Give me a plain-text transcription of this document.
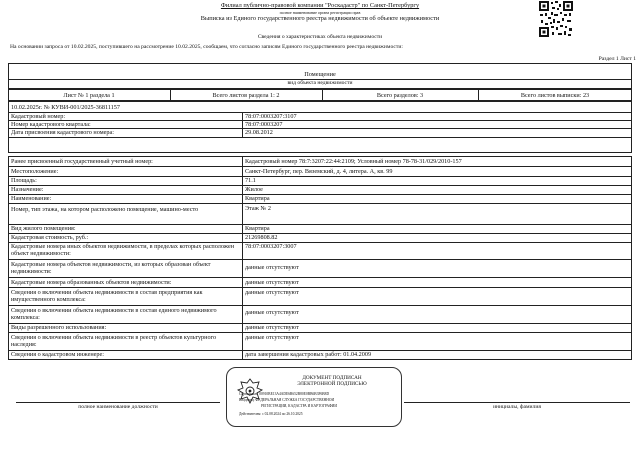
Филиал публично-правовой компании "Роскадастр" по Санкт-Петербургу
полное наименование органа регистрации прав
Выписка из Единого государственного реестра недвижимости об объекте недвижимости
Сведения о характеристиках объекта недвижимости
На основании запроса от 10.02.2025, поступившего на рассмотрение 10.02.2025, сообщаем, что согласно записям Единого государственного реестра недвижимости:
Раздел 1 Лист 1
Помещение
вид объекта недвижимости
Лист № 1 раздела 1	Всего листов раздела 1: 2	Всего разделов: 3	Всего листов выписки: 23
10.02.2025г. № КУВИ-001/2025-36811157
Кадастровый номер:	78:07:0003207:3107
Номер кадастрового квартала:	78:07:0003207
Дата присвоения кадастрового номера:	29.08.2012
Ранее присвоенный государственный учетный номер:	Кадастровый номер 78:7:3207:22:44:2109; Условный номер 78-78-31/029/2010-157
Местоположение:	Санкт-Петербург, пер. Вяземский, д. 4, литера. А, кв. 99
Площадь:	71.1
Назначение:	Жилое
Наименование:	Квартира
Номер, тип этажа, на котором расположено помещение, машино-место	Этаж № 2
Вид жилого помещения:	Квартира
Кадастровая стоимость, руб.:	21269808.82
Кадастровые номера иных объектов недвижимости, в пределах которых расположен объект недвижимости:
78:07:0003207:3007
Кадастровые номера объектов недвижимости, из которых образован объект недвижимости:
данные отсутствуют
Кадастровые номера образованных объектов недвижимости:	данные отсутствуют
Сведения о включении объекта недвижимости в состав предприятия как имущественного комплекса:
данные отсутствуют
Сведения о включении объекта недвижимости в состав единого недвижимого комплекса:
данные отсутствуют
Виды разрешенного использования:	данные отсутствуют
Сведения о включении объекта недвижимости в реестр объектов культурного наследия:
данные отсутствуют
Сведения о кадастровом инженере:	дата завершения кадастровых работ: 01.04.2009
ДОКУМЕНТ ПОДПИСАН
ЭЛЕКТРОННОЙ ПОДПИСЬЮ
Сертификат: 00910BE13A4ADE6B652B80E0BB6B3F6B8D
Владелец: ФЕДЕРАЛЬНАЯ СЛУЖБА ГОСУДАРСТВЕННОЙ
РЕГИСТРАЦИИ, КАДАСТРА И КАРТОГРАФИИ
Действителен: с 02.08.2024 по 26.10.2025
полное наименование должности	инициалы, фамилия
